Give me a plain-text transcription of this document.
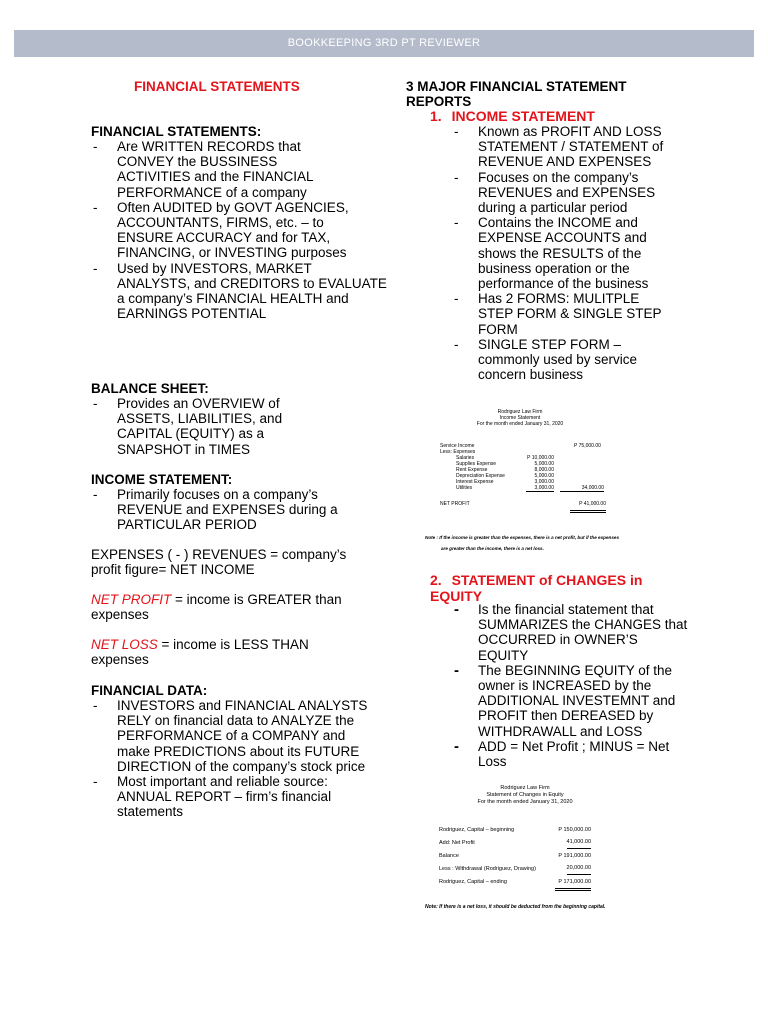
BOOKKEEPING 3RD PT REVIEWER
FINANCIAL STATEMENTS
FINANCIAL STATEMENTS:
- Are WRITTEN RECORDS that CONVEY the BUSSINESS ACTIVITIES and the FINANCIAL PERFORMANCE of a company
- Often AUDITED by GOVT AGENCIES, ACCOUNTANTS, FIRMS, etc. – to ENSURE ACCURACY and for TAX, FINANCING, or INVESTING purposes
- Used by INVESTORS, MARKET ANALYSTS, and CREDITORS to EVALUATE a company’s FINANCIAL HEALTH and EARNINGS POTENTIAL
BALANCE SHEET:
- Provides an OVERVIEW of ASSETS, LIABILITIES, and CAPITAL (EQUITY) as a SNAPSHOT in TIMES
INCOME STATEMENT:
- Primarily focuses on a company’s REVENUE and EXPENSES during a PARTICULAR PERIOD
EXPENSES ( - ) REVENUES = company’s profit figure= NET INCOME
NET PROFIT = income is GREATER than expenses
NET LOSS = income is LESS THAN expenses
FINANCIAL DATA:
- INVESTORS and FINANCIAL ANALYSTS RELY on financial data to ANALYZE the PERFORMANCE of a COMPANY and make PREDICTIONS about its FUTURE DIRECTION of the company’s stock price
- Most important and reliable source: ANNUAL REPORT – firm’s financial statements
3 MAJOR FINANCIAL STATEMENT REPORTS
1. INCOME STATEMENT
- Known as PROFIT AND LOSS STATEMENT / STATEMENT of REVENUE AND EXPENSES
- Focuses on the company’s REVENUES and EXPENSES during a particular period
- Contains the INCOME and EXPENSE ACCOUNTS and shows the RESULTS of the business operation or the performance of the business
- Has 2 FORMS: MULITPLE STEP FORM & SINGLE STEP FORM
- SINGLE STEP FORM – commonly used by service concern business
Rodriguez Law Firm
Income Statement
For the month ended January 31, 2020
Service Income	P 75,000.00
Less: Expenses
Salaries	P 10,000.00
Supplies Expense	5,000.00
Rent Expense	8,000.00
Depreciation Expense	5,000.00
Interest Expense	3,000.00
Utilities	3,000.00	34,000.00
NET PROFIT	P 41,000.00
Note : If the income is greater than the expenses, there is a net profit, but if the expenses
are greater than the income, there is a net loss.
2. STATEMENT of CHANGES in EQUITY
- Is the financial statement that SUMMARIZES the CHANGES that OCCURRED in OWNER’S EQUITY
- The BEGINNING EQUITY of the owner is INCREASED by the ADDITIONAL INVESTEMNT and PROFIT then DEREASED by WITHDRAWALL and LOSS
- ADD = Net Profit ; MINUS = Net Loss
Rodriguez Law Firm
Statement of Changes in Equity
For the month ended January 31, 2020
Rodriguez, Capital – beginning	P 150,000.00
Add: Net Profit	41,000.00
Balance	P 191,000.00
Less : Withdrawal (Rodriguez, Drawing)	20,000.00
Rodriguez, Capital – ending	P 171,000.00
Note: If there is a net loss, it should be deducted from the beginning capital.
